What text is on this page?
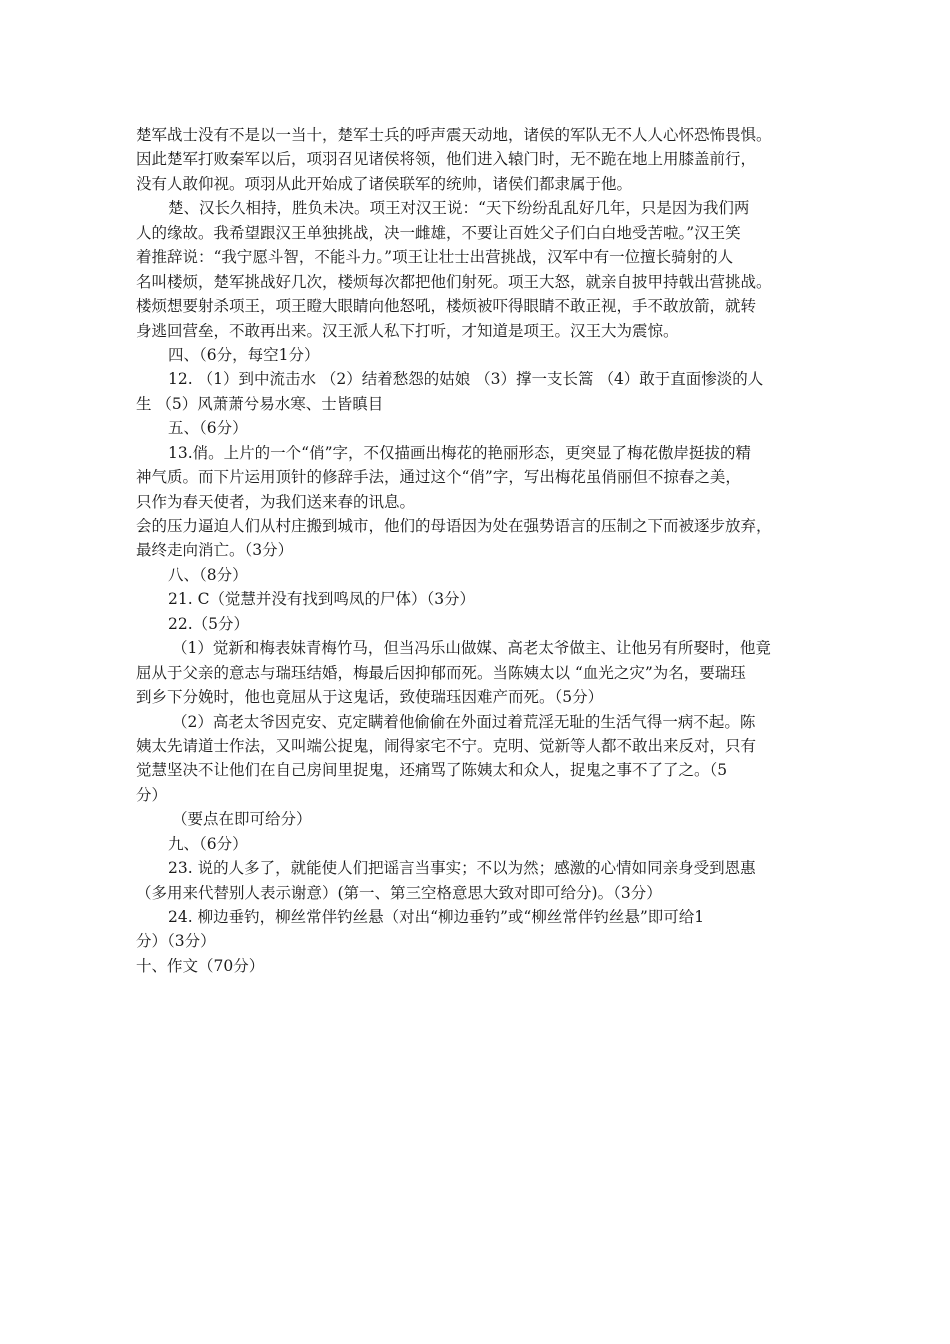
楚军战士没有不是以一当十，楚军士兵的呼声震天动地，诸侯的军队无不人人心怀恐怖畏惧。
因此楚军打败秦军以后，项羽召见诸侯将领，他们进入辕门时，无不跪在地上用膝盖前行，
没有人敢仰视。项羽从此开始成了诸侯联军的统帅，诸侯们都隶属于他。
楚、汉长久相持，胜负未决。项王对汉王说：“天下纷纷乱乱好几年，只是因为我们两
人的缘故。我希望跟汉王单独挑战，决一雌雄，不要让百姓父子们白白地受苦啦。”汉王笑
着推辞说：“我宁愿斗智，不能斗力。”项王让壮士出营挑战，汉军中有一位擅长骑射的人
名叫楼烦，楚军挑战好几次，楼烦每次都把他们射死。项王大怒，就亲自披甲持戟出营挑战。
楼烦想要射杀项王，项王瞪大眼睛向他怒吼，楼烦被吓得眼睛不敢正视，手不敢放箭，就转
身逃回营垒，不敢再出来。汉王派人私下打听，才知道是项王。汉王大为震惊。
四、（6分，每空1分）
12. （1）到中流击水 （2）结着愁怨的姑娘 （3）撑一支长篙 （4）敢于直面惨淡的人
生 （5）风萧萧兮易水寒、士皆瞋目
五、（6分）
13.俏。上片的一个“俏”字，不仅描画出梅花的艳丽形态，更突显了梅花傲岸挺拔的精
神气质。而下片运用顶针的修辞手法，通过这个“俏”字，写出梅花虽俏丽但不掠春之美，
只作为春天使者，为我们送来春的讯息。
会的压力逼迫人们从村庄搬到城市，他们的母语因为处在强势语言的压制之下而被逐步放弃，
最终走向消亡。（3分）
八、（8分）
21. C（觉慧并没有找到鸣凤的尸体）（3分）
22.（5分）
（1）觉新和梅表妹青梅竹马，但当冯乐山做媒、高老太爷做主、让他另有所娶时，他竟
屈从于父亲的意志与瑞珏结婚，梅最后因抑郁而死。当陈姨太以 “血光之灾”为名，要瑞珏
到乡下分娩时，他也竟屈从于这鬼话，致使瑞珏因难产而死。（5分）
（2）高老太爷因克安、克定瞒着他偷偷在外面过着荒淫无耻的生活气得一病不起。陈
姨太先请道士作法，又叫端公捉鬼，闹得家宅不宁。克明、觉新等人都不敢出来反对，只有
觉慧坚决不让他们在自己房间里捉鬼，还痛骂了陈姨太和众人，捉鬼之事不了了之。（5
分）
（要点在即可给分）
九、（6分）
23. 说的人多了，就能使人们把谣言当事实；不以为然；感激的心情如同亲身受到恩惠
（多用来代替别人表示谢意）(第一、第三空格意思大致对即可给分)。（3分）
24. 柳边垂钓，柳丝常伴钓丝悬（对出“柳边垂钓”或“柳丝常伴钓丝悬”即可给1
分）（3分）
十、作文（70分）
